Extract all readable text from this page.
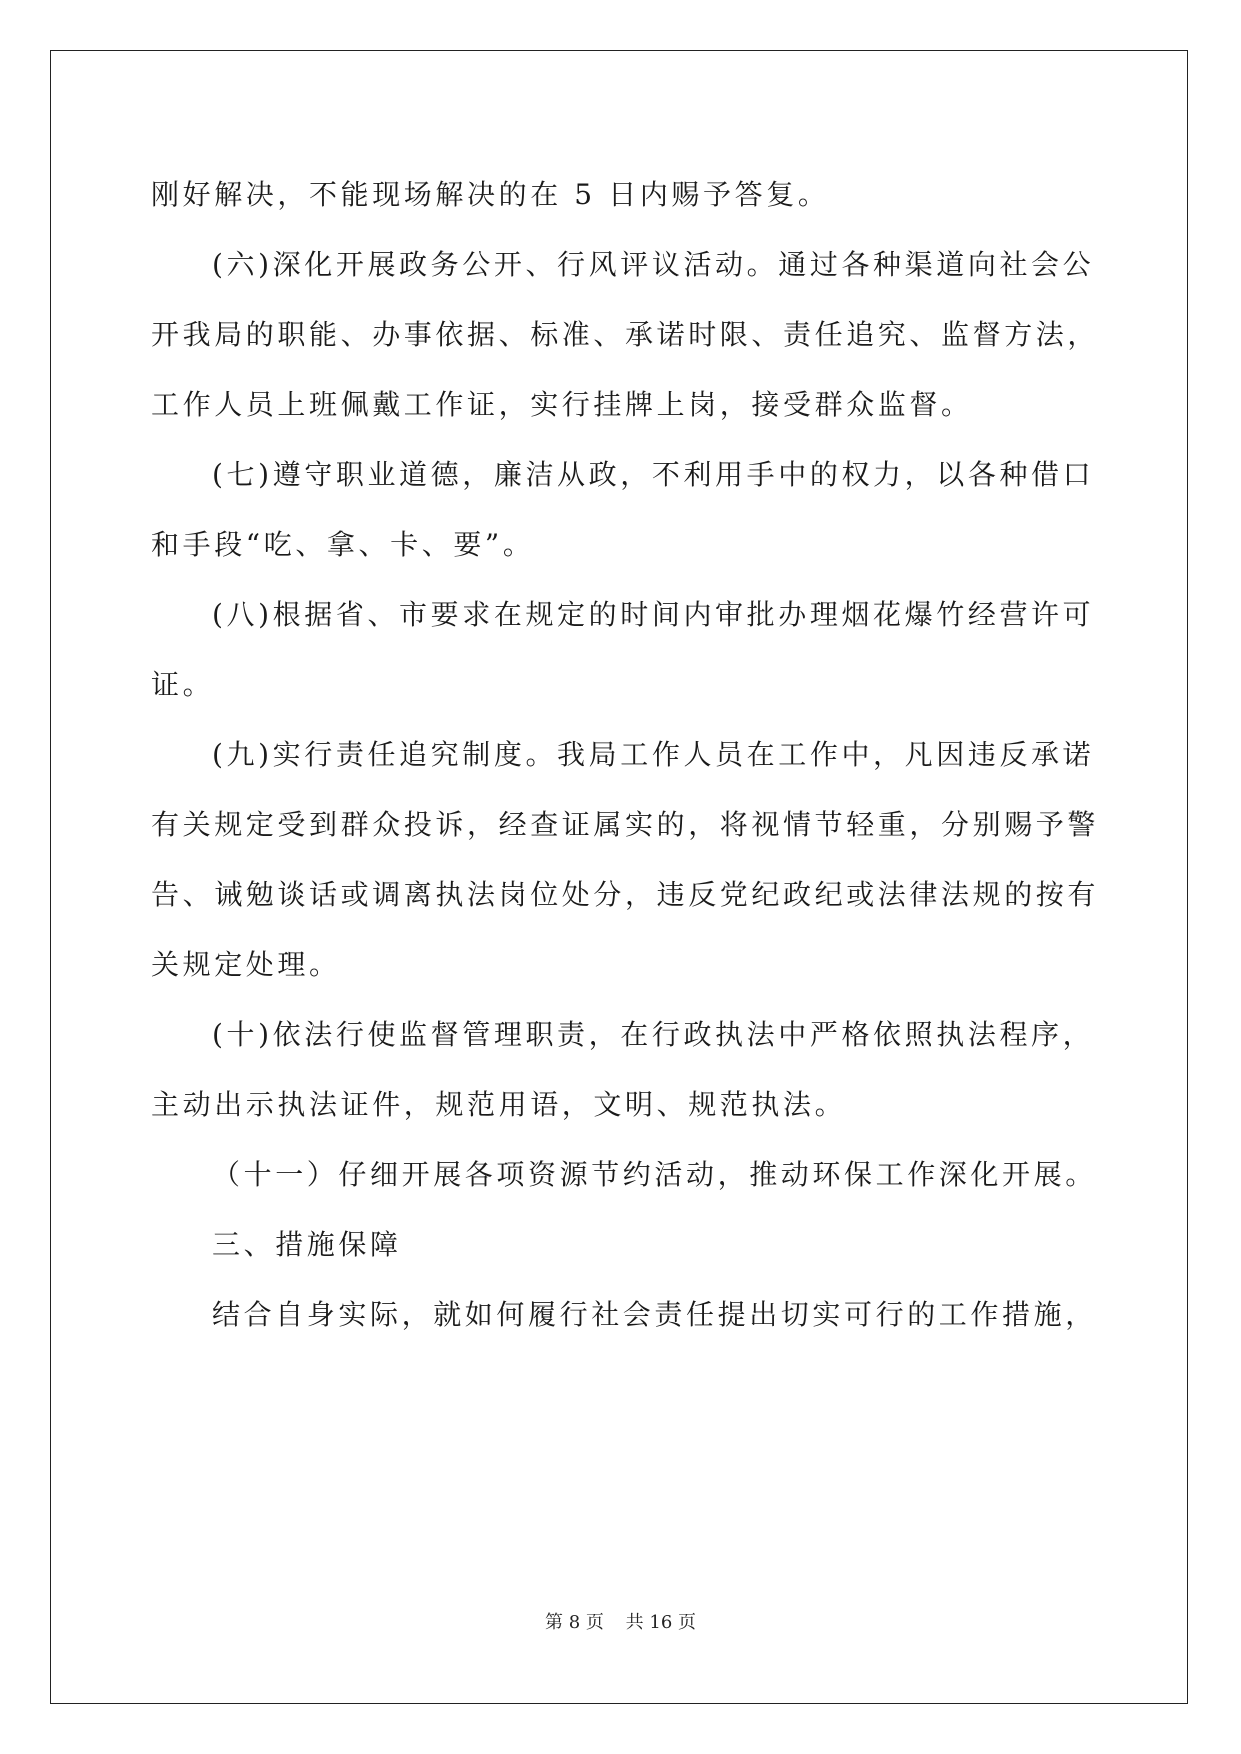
刚好解决，不能现场解决的在 5 日内赐予答复。
(六)深化开展政务公开、行风评议活动。通过各种渠道向社会公
开我局的职能、办事依据、标准、承诺时限、责任追究、监督方法，
工作人员上班佩戴工作证，实行挂牌上岗，接受群众监督。
(七)遵守职业道德，廉洁从政，不利用手中的权力，以各种借口
和手段“吃、拿、卡、要”。
(八)根据省、市要求在规定的时间内审批办理烟花爆竹经营许可
证。
(九)实行责任追究制度。我局工作人员在工作中，凡因违反承诺
有关规定受到群众投诉，经查证属实的，将视情节轻重，分别赐予警
告、诫勉谈话或调离执法岗位处分，违反党纪政纪或法律法规的按有
关规定处理。
(十)依法行使监督管理职责，在行政执法中严格依照执法程序，
主动出示执法证件，规范用语，文明、规范执法。
（十一）仔细开展各项资源节约活动，推动环保工作深化开展。
三、措施保障
结合自身实际，就如何履行社会责任提出切实可行的工作措施，
第 8 页 共 16 页
